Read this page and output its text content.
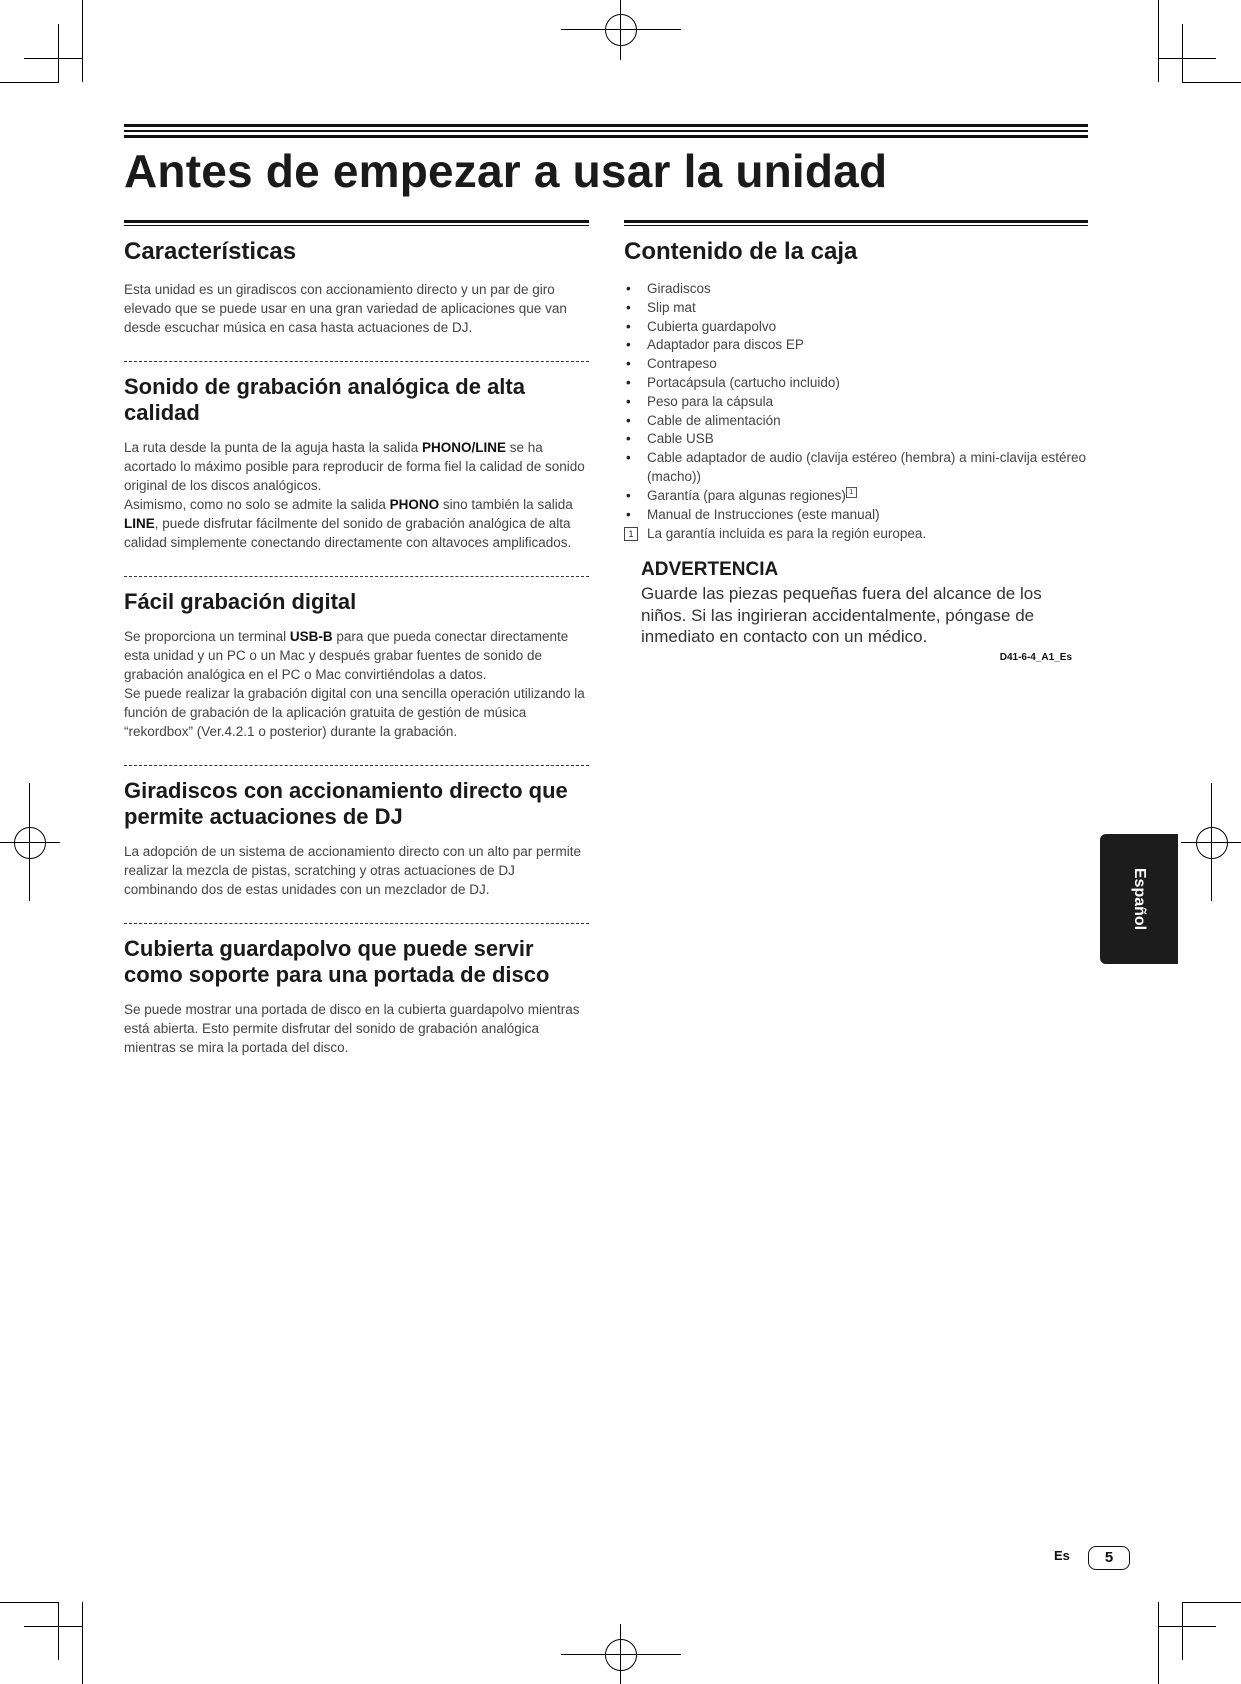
Antes de empezar a usar la unidad
Características

Esta unidad es un giradiscos con accionamiento directo y un par de giro elevado que se puede usar en una gran variedad de aplicaciones que van desde escuchar música en casa hasta actuaciones de DJ.

Sonido de grabación analógica de alta calidad

La ruta desde la punta de la aguja hasta la salida PHONO/LINE se ha acortado lo máximo posible para reproducir de forma fiel la calidad de sonido original de los discos analógicos.
Asimismo, como no solo se admite la salida PHONO sino también la salida LINE, puede disfrutar fácilmente del sonido de grabación analógica de alta calidad simplemente conectando directamente con altavoces amplificados.

Fácil grabación digital

Se proporciona un terminal USB-B para que pueda conectar directamente esta unidad y un PC o un Mac y después grabar fuentes de sonido de grabación analógica en el PC o Mac convirtiéndolas a datos.
Se puede realizar la grabación digital con una sencilla operación utilizando la función de grabación de la aplicación gratuita de gestión de música “rekordbox” (Ver.4.2.1 o posterior) durante la grabación.

Giradiscos con accionamiento directo que permite actuaciones de DJ

La adopción de un sistema de accionamiento directo con un alto par permite realizar la mezcla de pistas, scratching y otras actuaciones de DJ combinando dos de estas unidades con un mezclador de DJ.

Cubierta guardapolvo que puede servir como soporte para una portada de disco

Se puede mostrar una portada de disco en la cubierta guardapolvo mientras está abierta. Esto permite disfrutar del sonido de grabación analógica mientras se mira la portada del disco.

Contenido de la caja
• Giradiscos
• Slip mat
• Cubierta guardapolvo
• Adaptador para discos EP
• Contrapeso
• Portacápsula (cartucho incluido)
• Peso para la cápsula
• Cable de alimentación
• Cable USB
• Cable adaptador de audio (clavija estéreo (hembra) a mini-clavija estéreo (macho))
• Garantía (para algunas regiones) 1
• Manual de Instrucciones (este manual)
1	La garantía incluida es para la región europea.
ADVERTENCIA

Guarde las piezas pequeñas fuera del alcance de los niños. Si las ingirieran accidentalmente, póngase de inmediato en contacto con un médico.

D41-6-4_A1_Es
Español
Es	5
